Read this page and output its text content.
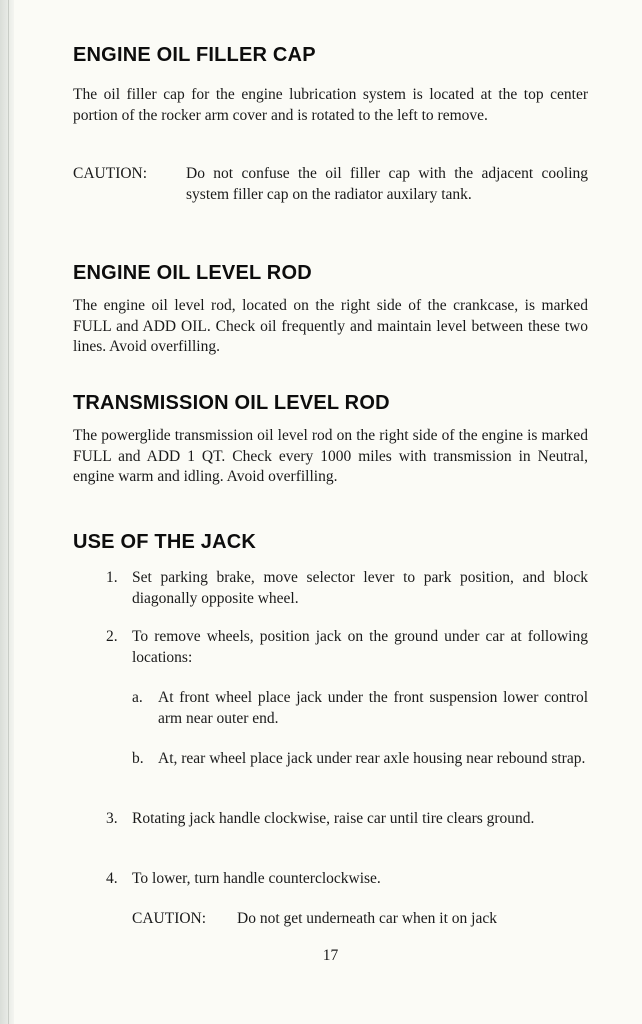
ENGINE OIL FILLER CAP

The oil filler cap for the engine lubrication system is located at the top center portion of the rocker arm cover and is rotated to the left to remove.

CAUTION:	Do not confuse the oil filler cap with the adjacent cooling system filler cap on the radiator auxilary tank.
ENGINE OIL LEVEL ROD

The engine oil level rod, located on the right side of the crankcase, is marked FULL and ADD OIL. Check oil frequently and maintain level between these two lines. Avoid overfilling.

TRANSMISSION OIL LEVEL ROD

The powerglide transmission oil level rod on the right side of the engine is marked FULL and ADD 1 QT. Check every 1000 miles with transmission in Neutral, engine warm and idling. Avoid overfilling.

USE OF THE JACK
1. Set parking brake, move selector lever to park position, and block diagonally opposite wheel.
2. To remove wheels, position jack on the ground under car at following locations:
a. At front wheel place jack under the front suspension lower control arm near outer end.
b. At, rear wheel place jack under rear axle housing near rebound strap.
3. Rotating jack handle clockwise, raise car until tire clears ground.
4. To lower, turn handle counterclockwise.
CAUTION: Do not get underneath car when it on jack
17
